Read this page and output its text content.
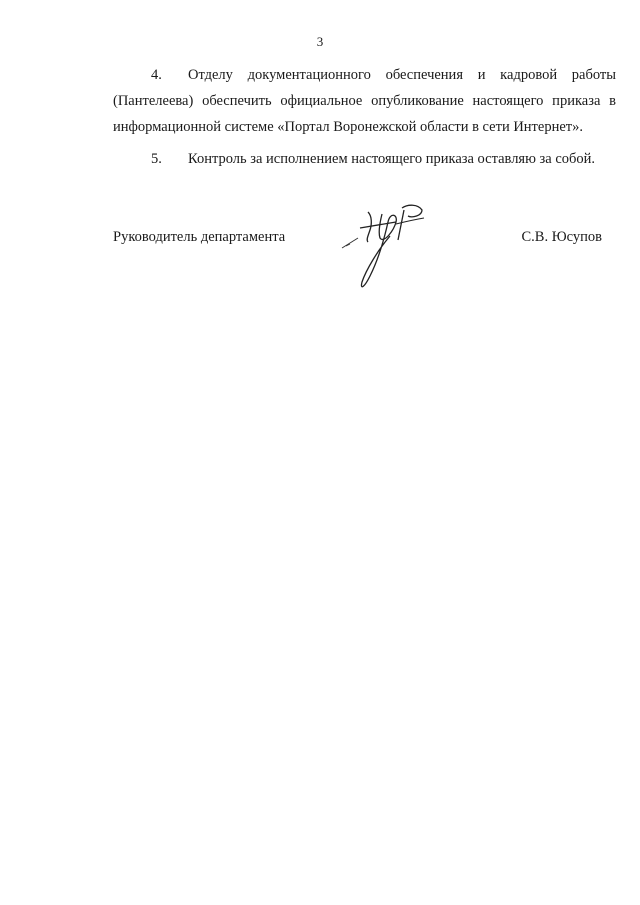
3
4.	Отделу документационного обеспечения и кадровой работы
(Пантелеева) обеспечить официальное опубликование настоящего приказа в
информационной системе «Портал Воронежской области в сети Интернет».
5. Контроль за исполнением настоящего приказа оставляю за собой.
Руководитель департамента	С.В. Юсупов
